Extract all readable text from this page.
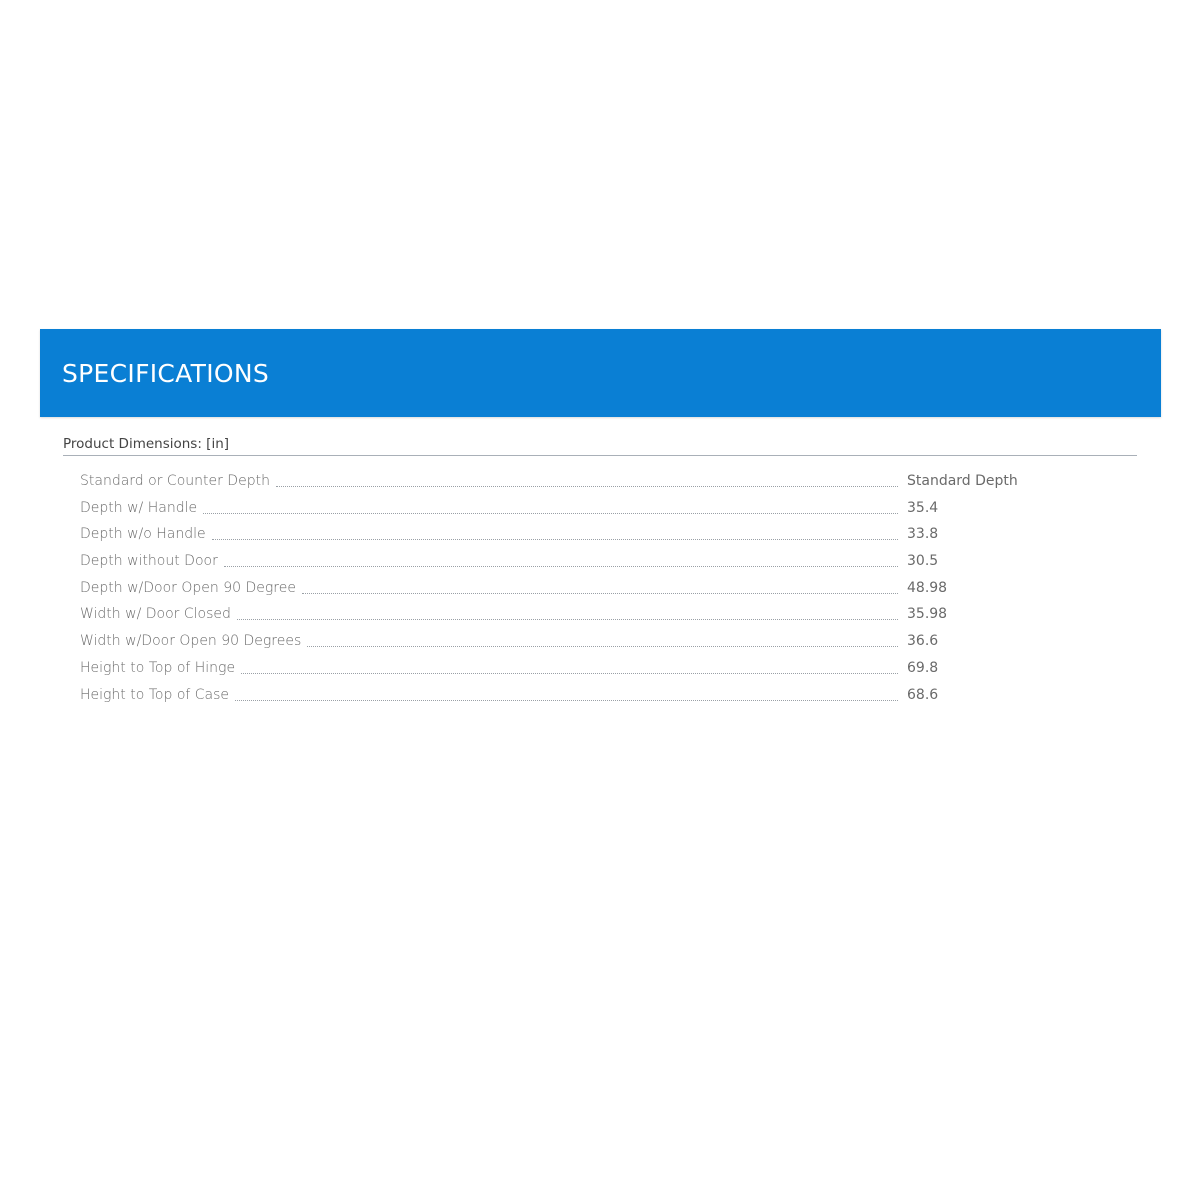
SPECIFICATIONS
Product Dimensions: [in]
Standard or Counter Depth	Standard Depth
Depth w/ Handle	35.4
Depth w/o Handle	33.8
Depth without Door	30.5
Depth w/Door Open 90 Degree	48.98
Width w/ Door Closed	35.98
Width w/Door Open 90 Degrees	36.6
Height to Top of Hinge	69.8
Height to Top of Case	68.6
